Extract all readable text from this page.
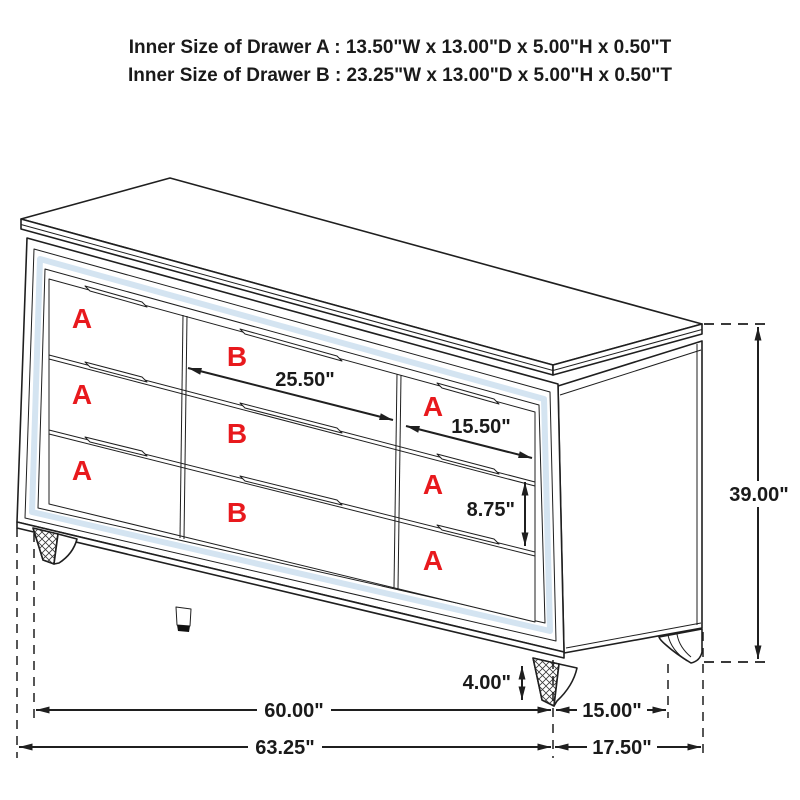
Inner Size of Drawer A : 13.50"W x 13.00"D x 5.00"H x 0.50"T
Inner Size of Drawer B : 23.25"W x 13.00"D x 5.00"H x 0.50"T
A
A
A
B
B
B
A
A
A
25.50"
15.50"
8.75"
4.00"
39.00"
60.00"	15.00"
63.25"	17.50"
